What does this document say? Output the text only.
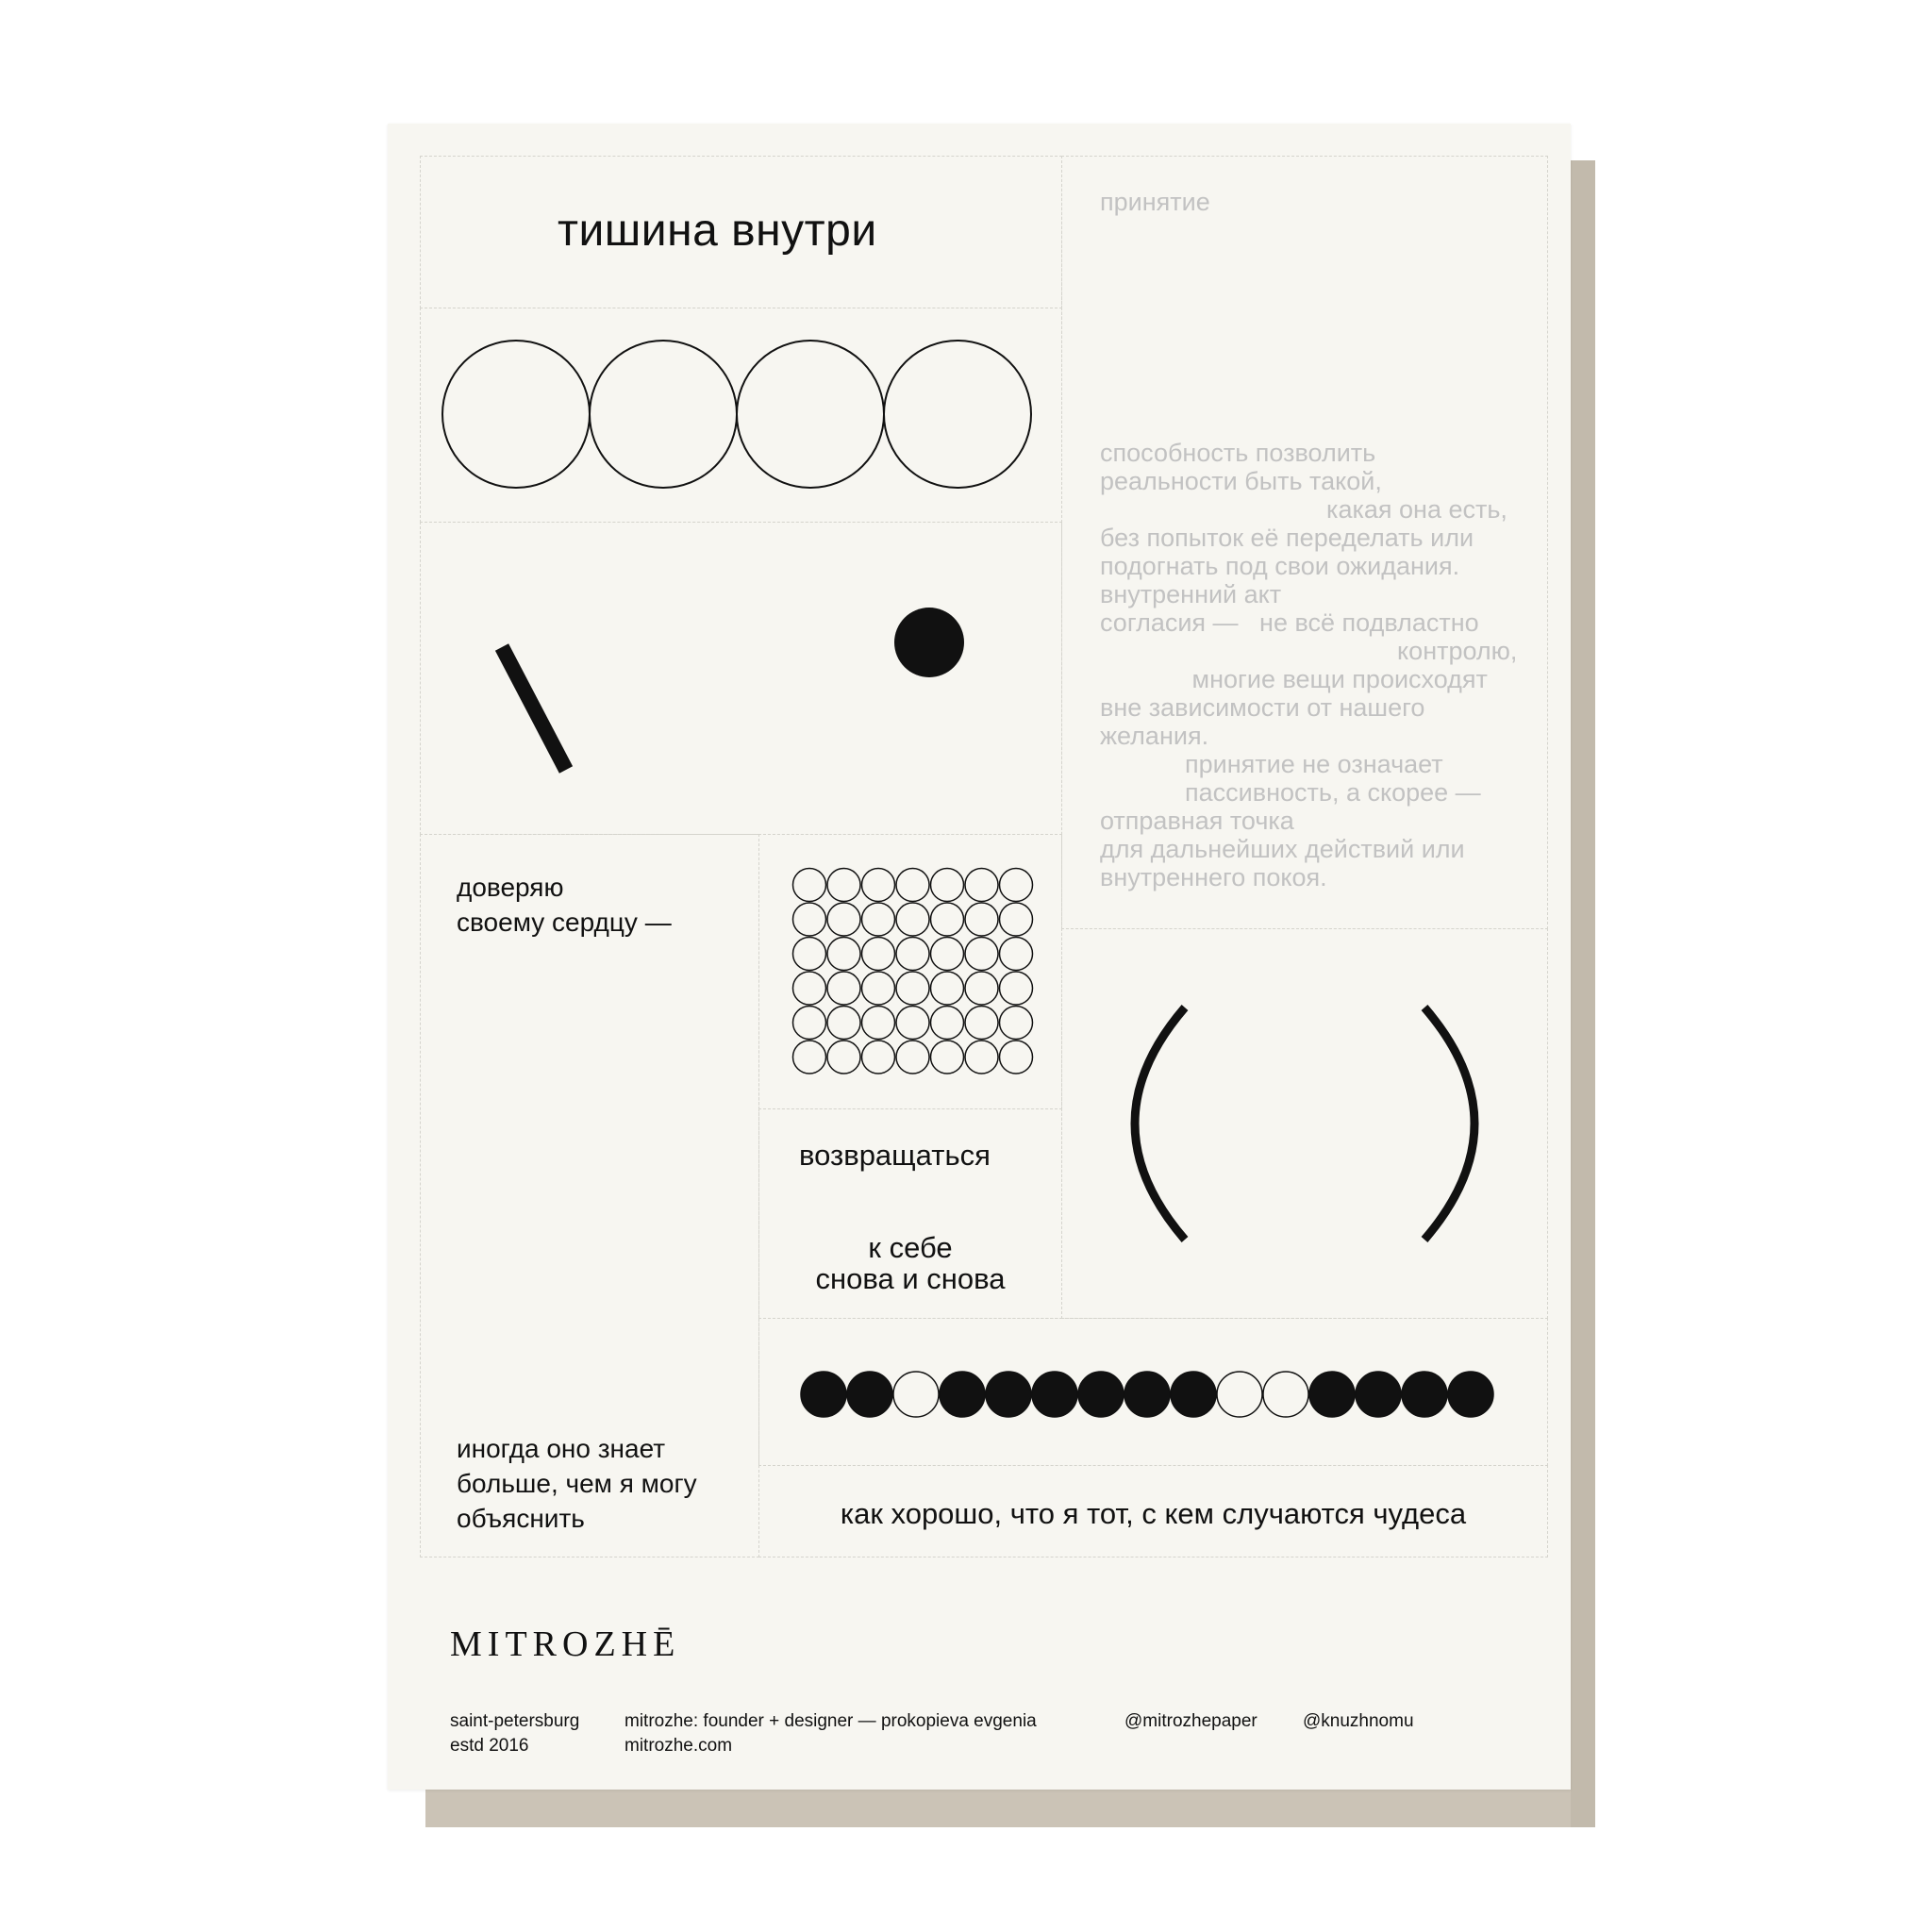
тишина внутри
принятие
способность позволить
реальности быть такой,
какая она есть,
без попыток её переделать или
подогнать под свои ожидания.
внутренний акт
согласия —   не всё подвластно
контролю,
многие вещи происходят
вне зависимости от нашего
желания.
принятие не означает
пассивность, а скорее —
отправная точка
для дальнейших действий или
внутреннего покоя.
доверяю
своему сердцу —
иногда оно знает
больше, чем я могу
объяснить
возвращаться
к себе
снова и снова
как хорошо, что я тот, с кем случаются чудеса
MITROZHĒ
saint-petersburg
estd 2016
mitrozhe: founder + designer — prokopieva evgenia
mitrozhe.com
@mitrozhepaper	@knuzhnomu
